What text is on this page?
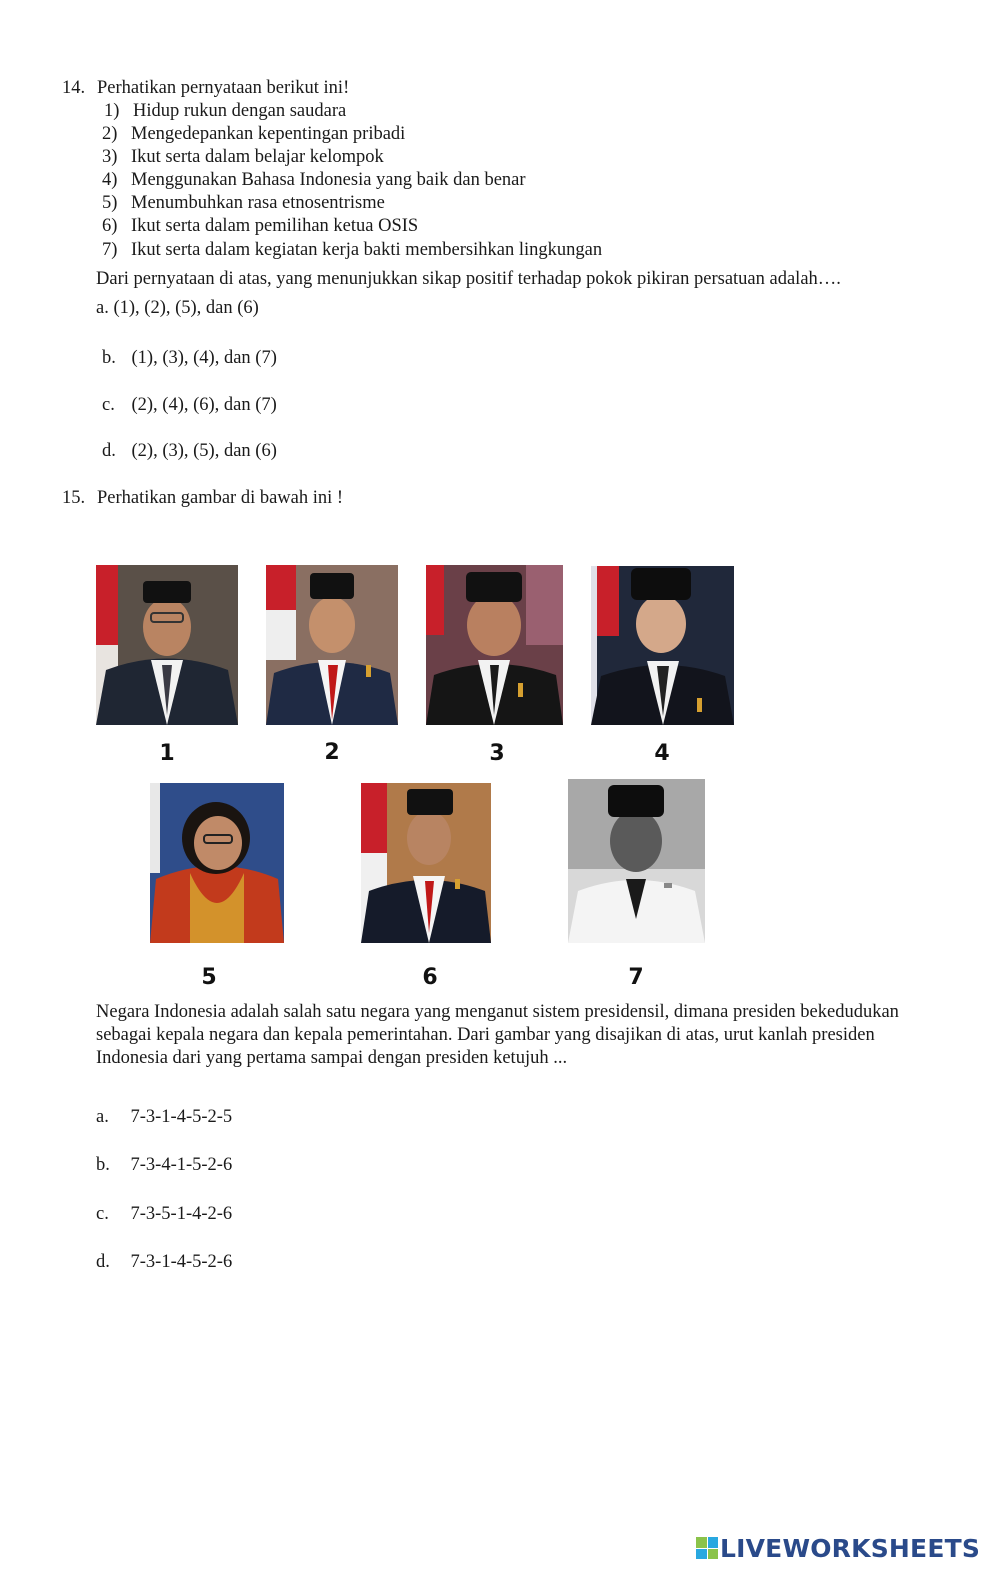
14. Perhatikan pernyataan berikut ini!
1) Hidup rukun dengan saudara
2) Mengedepankan kepentingan pribadi
3) Ikut serta dalam belajar kelompok
4) Menggunakan Bahasa Indonesia yang baik dan benar
5) Menumbuhkan rasa etnosentrisme
6) Ikut serta dalam pemilihan ketua OSIS
7) Ikut serta dalam kegiatan kerja bakti membersihkan lingkungan
Dari pernyataan di atas, yang menunjukkan sikap positif terhadap pokok pikiran persatuan adalah….
a. (1), (2), (5), dan (6)
b. (1), (3), (4), dan (7)
c. (2), (4), (6), dan (7)
d. (2), (3), (5), dan (6)
15. Perhatikan gambar di bawah ini !
1	2	3	4
5	6	7
Negara Indonesia adalah salah satu negara yang menganut sistem presidensil, dimana presiden bekedudukan sebagai kepala negara dan kepala pemerintahan. Dari gambar yang disajikan di atas, urut kanlah presiden Indonesia dari yang pertama sampai dengan presiden ketujuh ...
a. 7-3-1-4-5-2-5
b. 7-3-4-1-5-2-6
c. 7-3-5-1-4-2-6
d. 7-3-1-4-5-2-6
LIVEWORKSHEETS
